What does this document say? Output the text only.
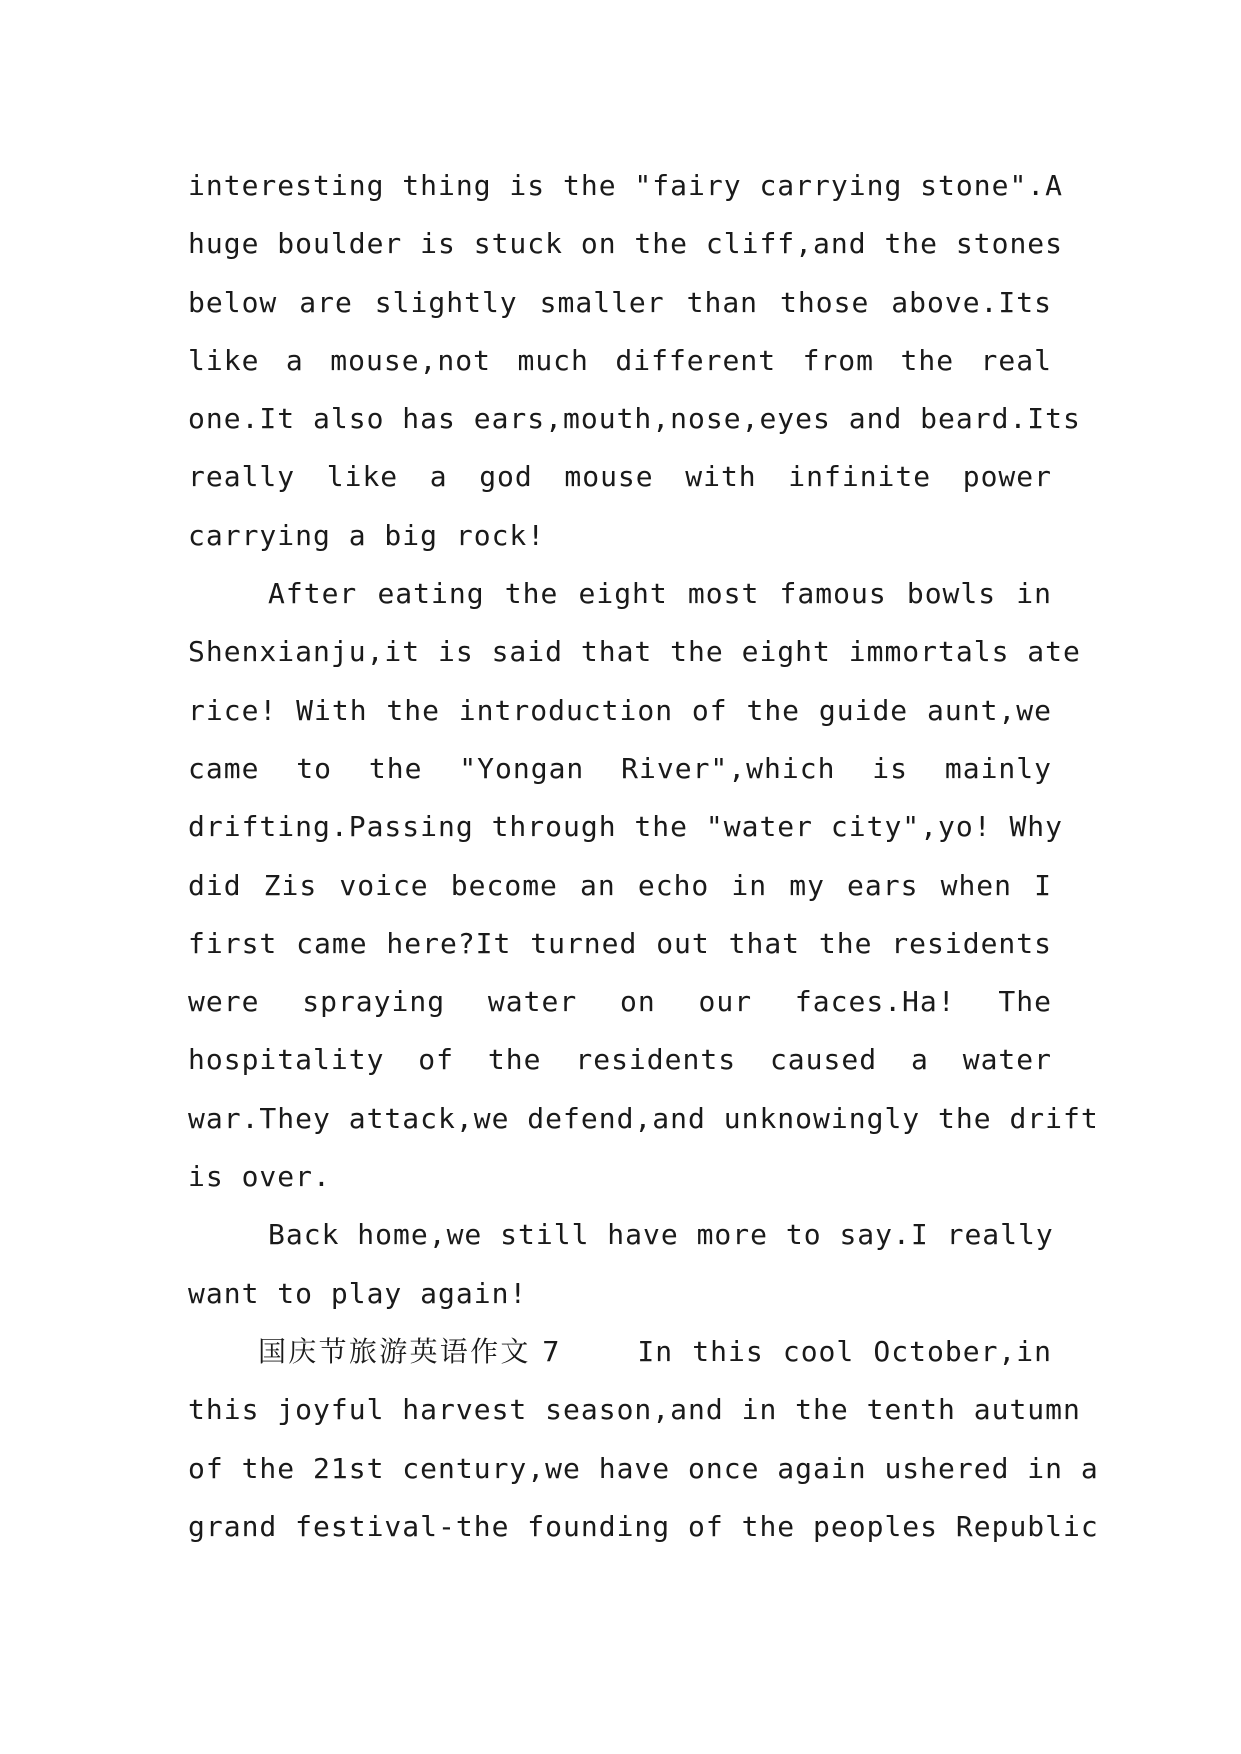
interesting thing is the "fairy carrying stone".A
huge boulder is stuck on the cliff,and the stones
below are slightly smaller than those above.Its
like a mouse,not much different from the real
one.It also has ears,mouth,nose,eyes and beard.Its
really like a god mouse with infinite power
carrying a big rock!
After eating the eight most famous bowls in
Shenxianju,it is said that the eight immortals ate
rice! With the introduction of the guide aunt,we
came to the "Yongan River",which is mainly
drifting.Passing through the "water city",yo! Why
did Zis voice become an echo in my ears when I
first came here?It turned out that the residents
were spraying water on our faces.Ha! The
hospitality of the residents caused a water
war.They attack,we defend,and unknowingly the drift
is over.
Back home,we still have more to say.I really
want to play again!
国庆节旅游英语作文 7	In this cool October,in
this joyful harvest season,and in the tenth autumn
of the 21st century,we have once again ushered in a
grand festival-the founding of the peoples Republic
